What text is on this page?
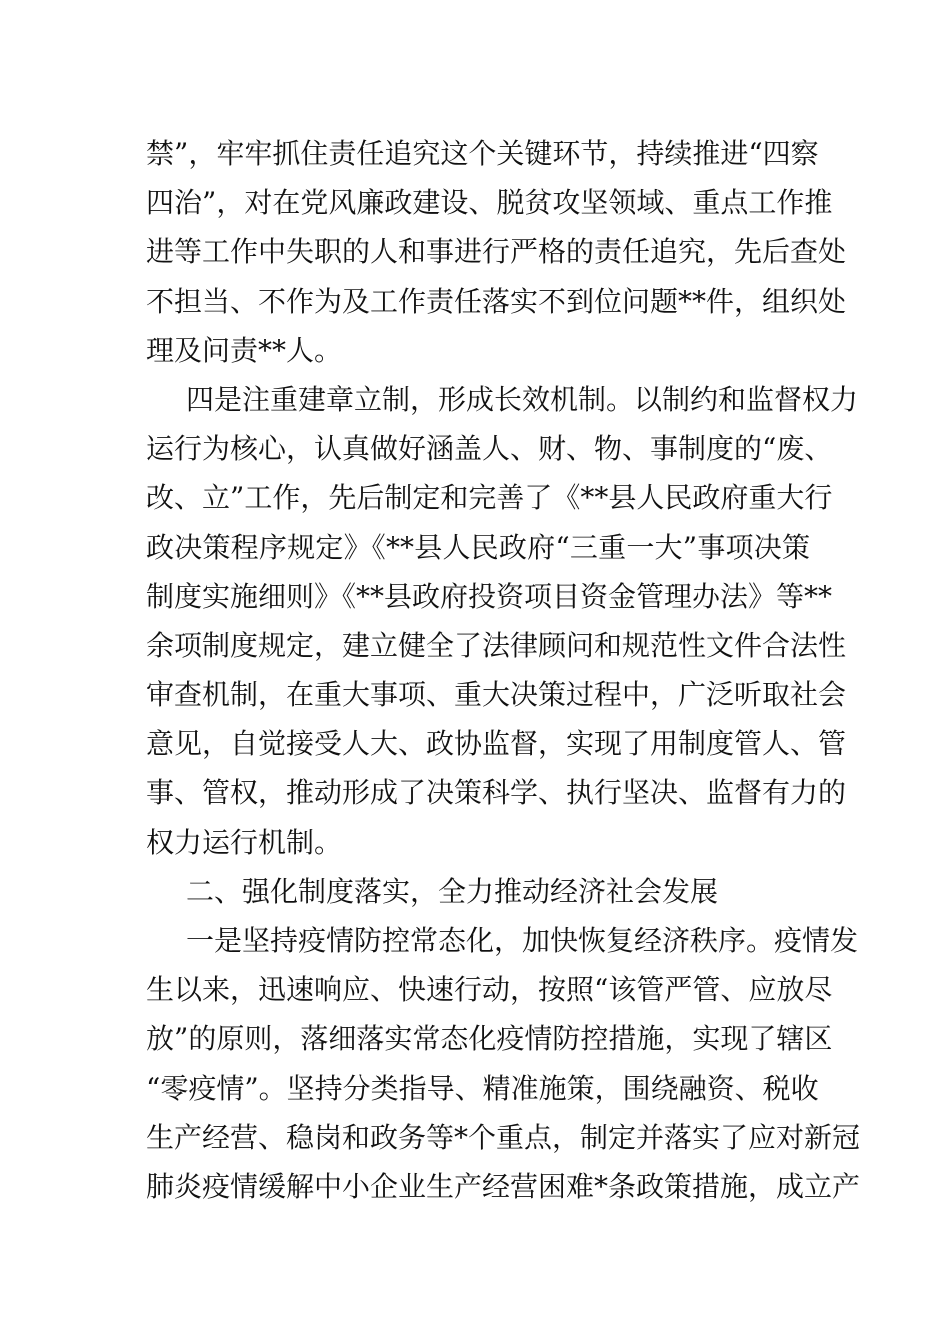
禁”，牢牢抓住责任追究这个关键环节，持续推进“四察
四治”，对在党风廉政建设、脱贫攻坚领域、重点工作推
进等工作中失职的人和事进行严格的责任追究，先后查处
不担当、不作为及工作责任落实不到位问题**件，组织处
理及问责**人。
四是注重建章立制，形成长效机制。以制约和监督权力
运行为核心，认真做好涵盖人、财、物、事制度的“废、
改、立”工作，先后制定和完善了《**县人民政府重大行
政决策程序规定》《**县人民政府“三重一大”事项决策
制度实施细则》《**县政府投资项目资金管理办法》等**
余项制度规定，建立健全了法律顾问和规范性文件合法性
审查机制，在重大事项、重大决策过程中，广泛听取社会
意见，自觉接受人大、政协监督，实现了用制度管人、管
事、管权，推动形成了决策科学、执行坚决、监督有力的
权力运行机制。
二、强化制度落实，全力推动经济社会发展
一是坚持疫情防控常态化，加快恢复经济秩序。疫情发
生以来，迅速响应、快速行动，按照“该管严管、应放尽
放”的原则，落细落实常态化疫情防控措施，实现了辖区
“零疫情”。坚持分类指导、精准施策，围绕融资、税收
生产经营、稳岗和政务等*个重点，制定并落实了应对新冠
肺炎疫情缓解中小企业生产经营困难*条政策措施，成立产
